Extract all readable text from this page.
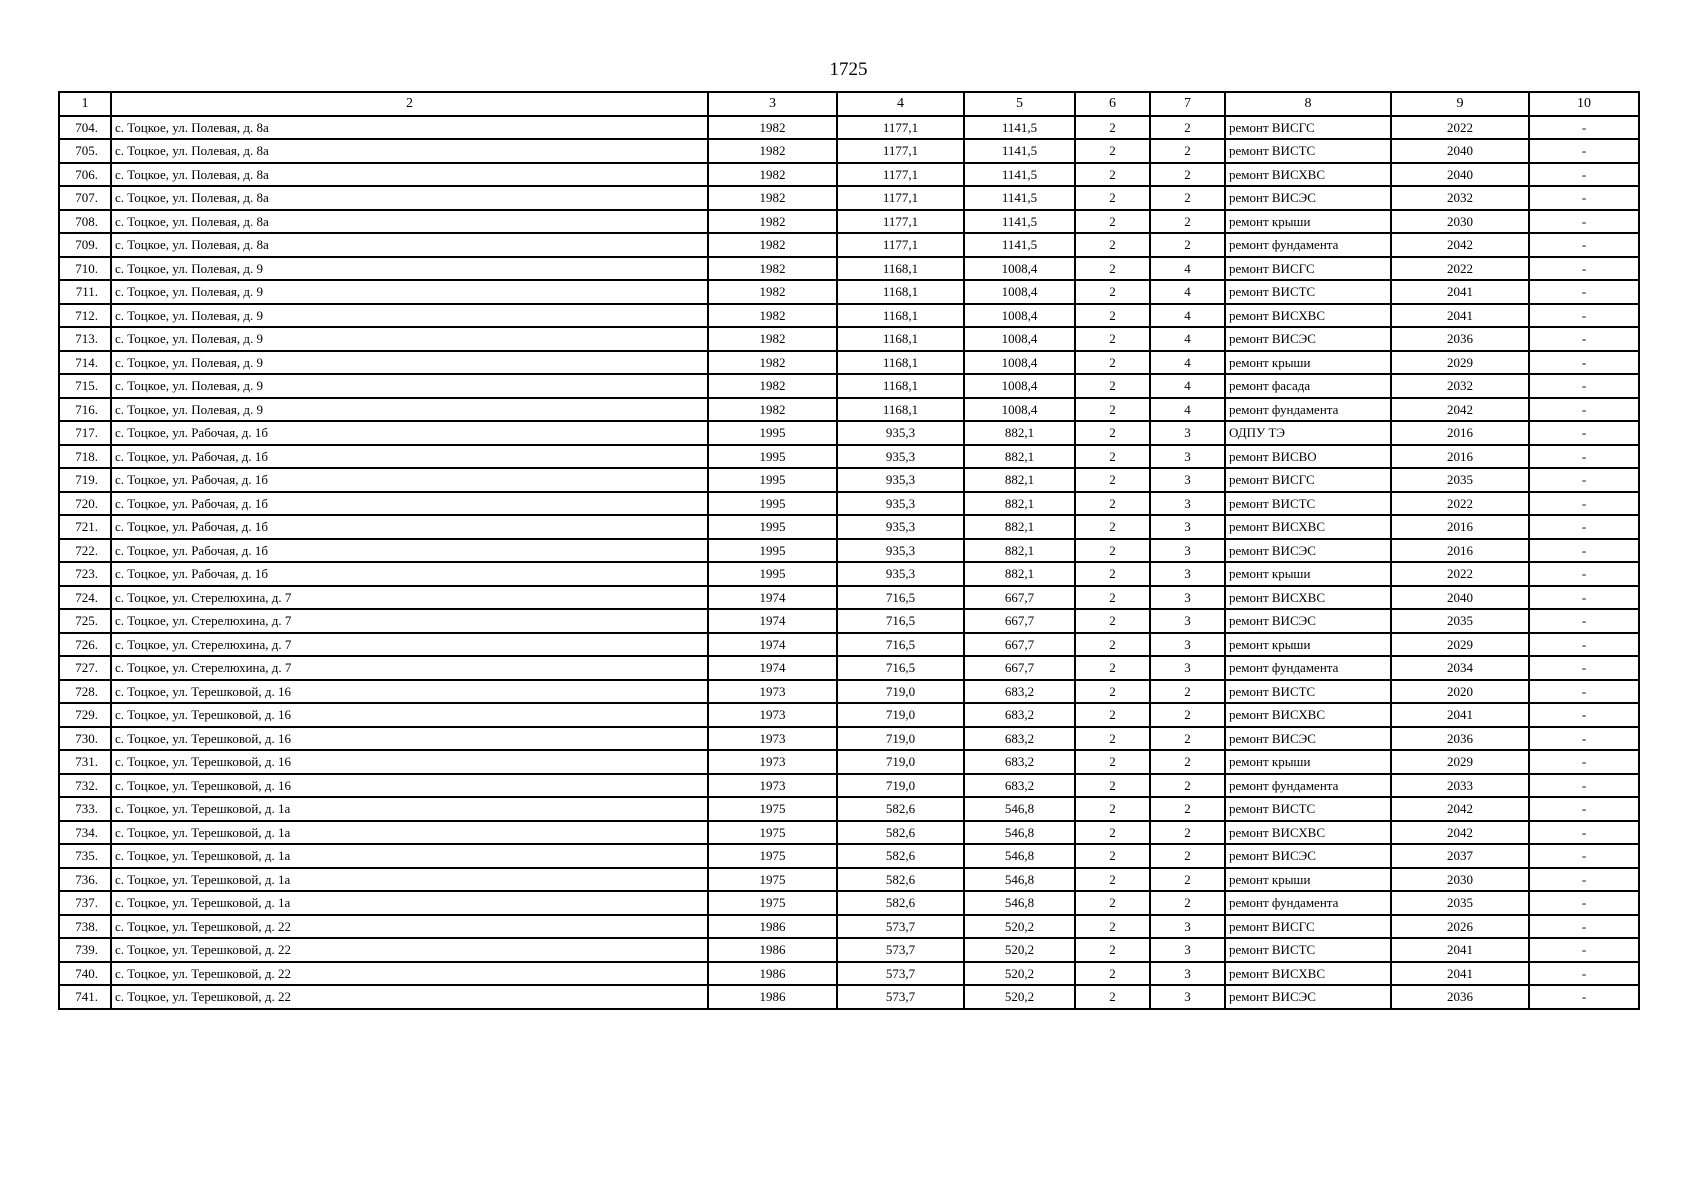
1725
1	2	3	4	5	6	7	8	9	10
704.	с. Тоцкое, ул. Полевая, д. 8а	1982	1177,1	1141,5	2	2	ремонт ВИСГС	2022	-
705.	с. Тоцкое, ул. Полевая, д. 8а	1982	1177,1	1141,5	2	2	ремонт ВИСТС	2040	-
706.	с. Тоцкое, ул. Полевая, д. 8а	1982	1177,1	1141,5	2	2	ремонт ВИСХВС	2040	-
707.	с. Тоцкое, ул. Полевая, д. 8а	1982	1177,1	1141,5	2	2	ремонт ВИСЭС	2032	-
708.	с. Тоцкое, ул. Полевая, д. 8а	1982	1177,1	1141,5	2	2	ремонт крыши	2030	-
709.	с. Тоцкое, ул. Полевая, д. 8а	1982	1177,1	1141,5	2	2	ремонт фундамента	2042	-
710.	с. Тоцкое, ул. Полевая, д. 9	1982	1168,1	1008,4	2	4	ремонт ВИСГС	2022	-
711.	с. Тоцкое, ул. Полевая, д. 9	1982	1168,1	1008,4	2	4	ремонт ВИСТС	2041	-
712.	с. Тоцкое, ул. Полевая, д. 9	1982	1168,1	1008,4	2	4	ремонт ВИСХВС	2041	-
713.	с. Тоцкое, ул. Полевая, д. 9	1982	1168,1	1008,4	2	4	ремонт ВИСЭС	2036	-
714.	с. Тоцкое, ул. Полевая, д. 9	1982	1168,1	1008,4	2	4	ремонт крыши	2029	-
715.	с. Тоцкое, ул. Полевая, д. 9	1982	1168,1	1008,4	2	4	ремонт фасада	2032	-
716.	с. Тоцкое, ул. Полевая, д. 9	1982	1168,1	1008,4	2	4	ремонт фундамента	2042	-
717.	с. Тоцкое, ул. Рабочая, д. 1б	1995	935,3	882,1	2	3	ОДПУ ТЭ	2016	-
718.	с. Тоцкое, ул. Рабочая, д. 1б	1995	935,3	882,1	2	3	ремонт ВИСВО	2016	-
719.	с. Тоцкое, ул. Рабочая, д. 1б	1995	935,3	882,1	2	3	ремонт ВИСГС	2035	-
720.	с. Тоцкое, ул. Рабочая, д. 1б	1995	935,3	882,1	2	3	ремонт ВИСТС	2022	-
721.	с. Тоцкое, ул. Рабочая, д. 1б	1995	935,3	882,1	2	3	ремонт ВИСХВС	2016	-
722.	с. Тоцкое, ул. Рабочая, д. 1б	1995	935,3	882,1	2	3	ремонт ВИСЭС	2016	-
723.	с. Тоцкое, ул. Рабочая, д. 1б	1995	935,3	882,1	2	3	ремонт крыши	2022	-
724.	с. Тоцкое, ул. Стерелюхина, д. 7	1974	716,5	667,7	2	3	ремонт ВИСХВС	2040	-
725.	с. Тоцкое, ул. Стерелюхина, д. 7	1974	716,5	667,7	2	3	ремонт ВИСЭС	2035	-
726.	с. Тоцкое, ул. Стерелюхина, д. 7	1974	716,5	667,7	2	3	ремонт крыши	2029	-
727.	с. Тоцкое, ул. Стерелюхина, д. 7	1974	716,5	667,7	2	3	ремонт фундамента	2034	-
728.	с. Тоцкое, ул. Терешковой, д. 16	1973	719,0	683,2	2	2	ремонт ВИСТС	2020	-
729.	с. Тоцкое, ул. Терешковой, д. 16	1973	719,0	683,2	2	2	ремонт ВИСХВС	2041	-
730.	с. Тоцкое, ул. Терешковой, д. 16	1973	719,0	683,2	2	2	ремонт ВИСЭС	2036	-
731.	с. Тоцкое, ул. Терешковой, д. 16	1973	719,0	683,2	2	2	ремонт крыши	2029	-
732.	с. Тоцкое, ул. Терешковой, д. 16	1973	719,0	683,2	2	2	ремонт фундамента	2033	-
733.	с. Тоцкое, ул. Терешковой, д. 1а	1975	582,6	546,8	2	2	ремонт ВИСТС	2042	-
734.	с. Тоцкое, ул. Терешковой, д. 1а	1975	582,6	546,8	2	2	ремонт ВИСХВС	2042	-
735.	с. Тоцкое, ул. Терешковой, д. 1а	1975	582,6	546,8	2	2	ремонт ВИСЭС	2037	-
736.	с. Тоцкое, ул. Терешковой, д. 1а	1975	582,6	546,8	2	2	ремонт крыши	2030	-
737.	с. Тоцкое, ул. Терешковой, д. 1а	1975	582,6	546,8	2	2	ремонт фундамента	2035	-
738.	с. Тоцкое, ул. Терешковой, д. 22	1986	573,7	520,2	2	3	ремонт ВИСГС	2026	-
739.	с. Тоцкое, ул. Терешковой, д. 22	1986	573,7	520,2	2	3	ремонт ВИСТС	2041	-
740.	с. Тоцкое, ул. Терешковой, д. 22	1986	573,7	520,2	2	3	ремонт ВИСХВС	2041	-
741.	с. Тоцкое, ул. Терешковой, д. 22	1986	573,7	520,2	2	3	ремонт ВИСЭС	2036	-
